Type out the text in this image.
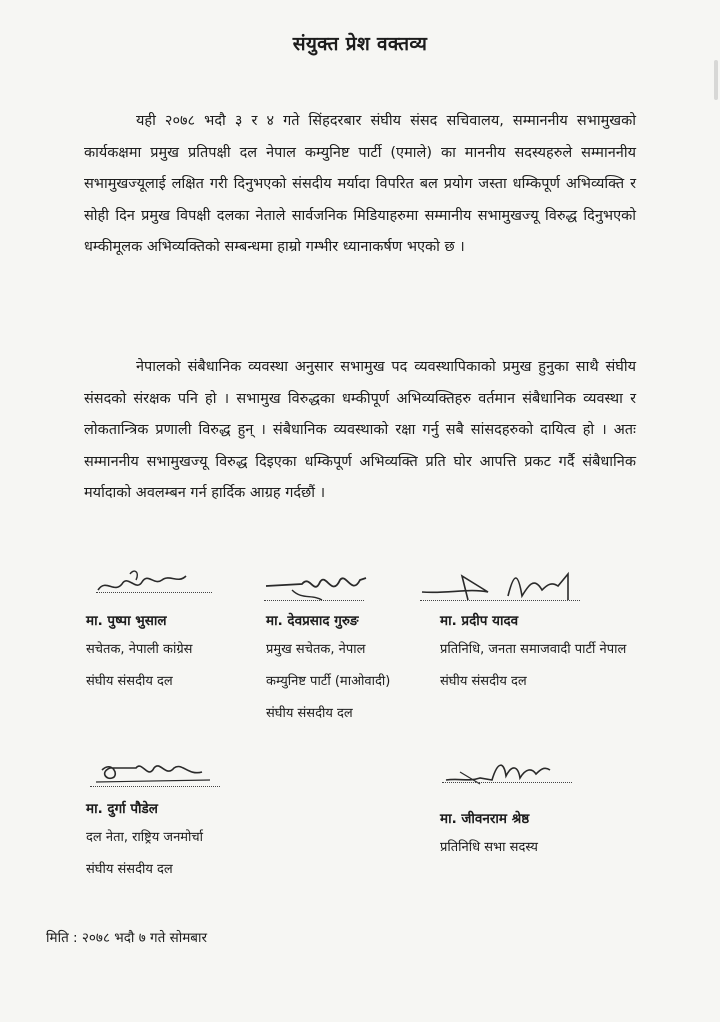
संयुक्त प्रेश वक्तव्य
यही २०७८ भदौ ३ र ४ गते सिंहदरबार संघीय संसद सचिवालय, सम्माननीय सभामुखको कार्यकक्षमा प्रमुख प्रतिपक्षी दल नेपाल कम्युनिष्ट पार्टी (एमाले) का माननीय सदस्यहरुले सम्माननीय सभामुखज्यूलाई लक्षित गरी दिनुभएको संसदीय मर्यादा विपरित बल प्रयोग जस्ता धम्किपूर्ण अभिव्यक्ति र सोही दिन प्रमुख विपक्षी दलका नेताले सार्वजनिक मिडियाहरुमा सम्मानीय सभामुखज्यू विरुद्ध दिनुभएको धम्कीमूलक अभिव्यक्तिको सम्बन्धमा हाम्रो गम्भीर ध्यानाकर्षण भएको छ ।
नेपालको संबैधानिक व्यवस्था अनुसार सभामुख पद व्यवस्थापिकाको प्रमुख हुनुका साथै संघीय संसदको संरक्षक पनि हो । सभामुख विरुद्धका धम्कीपूर्ण अभिव्यक्तिहरु वर्तमान संबैधानिक व्यवस्था र लोकतान्त्रिक प्रणाली विरुद्ध हुन् । संबैधानिक व्यवस्थाको रक्षा गर्नु सबै सांसदहरुको दायित्व हो । अतः सम्माननीय सभामुखज्यू विरुद्ध दिइएका धम्किपूर्ण अभिव्यक्ति प्रति घोर आपत्ति प्रकट गर्दै संबैधानिक मर्यादाको अवलम्बन गर्न हार्दिक आग्रह गर्दछौं ।
मा. पुष्पा भुसाल
सचेतक, नेपाली कांग्रेस
संघीय संसदीय दल
मा. देवप्रसाद गुरुङ
प्रमुख सचेतक, नेपाल
कम्युनिष्ट पार्टी (माओवादी)
संघीय संसदीय दल
मा. प्रदीप यादव
प्रतिनिधि, जनता समाजवादी पार्टी नेपाल
संघीय संसदीय दल
मा. दुर्गा पौडेल
दल नेता, राष्ट्रिय जनमोर्चा
संघीय संसदीय दल
मा. जीवनराम श्रेष्ठ
प्रतिनिधि सभा सदस्य
मिति : २०७८ भदौ ७ गते सोमबार
